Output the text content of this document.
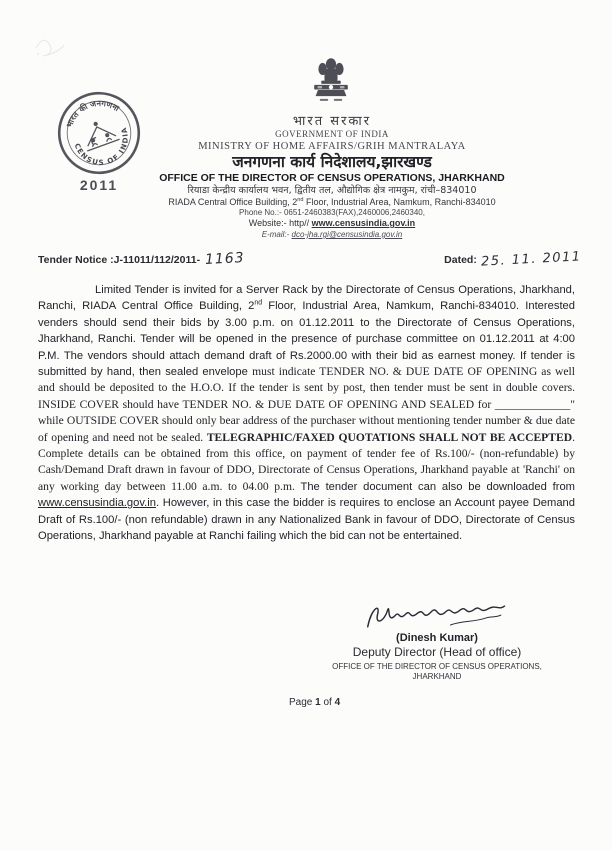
भारत की जनगणना
CENSUS OF INDIA
2011
भारत सरकार
GOVERNMENT OF INDIA
MINISTRY OF HOME AFFAIRS/GRIH MANTRALAYA
जनगणना कार्य निदेशालय,झारखण्ड
OFFICE OF THE DIRECTOR OF CENSUS OPERATIONS, JHARKHAND
रियाडा केन्द्रीय कार्यालय भवन, द्वितीय तल, औद्योगिक क्षेत्र नामकुम, रांची–834010
RIADA Central Office Building, 2nd Floor, Industrial Area, Namkum, Ranchi-834010
Phone No.:- 0651-2460383(FAX),2460006,2460340,
Website:- http// www.censusindia.gov.in
E-mail:- dco-jha.rgi@censusindia.gov.in
Tender Notice :J-11011/112/2011- 1163	Dated: 25. 11. 2011
Limited Tender is invited for a Server Rack by the Directorate of Census Operations, Jharkhand, Ranchi, RIADA Central Office Building, 2nd Floor, Industrial Area, Namkum, Ranchi-834010. Interested venders should send their bids by 3.00 p.m. on 01.12.2011 to the Directorate of Census Operations, Jharkhand, Ranchi. Tender will be opened in the presence of purchase committee on 01.12.2011 at 4:00 P.M. The vendors should attach demand draft of Rs.2000.00 with their bid as earnest money. If tender is submitted by hand, then sealed envelope must indicate TENDER NO. & DUE DATE OF OPENING as well and should be deposited to the H.O.O. If the tender is sent by post, then tender must be sent in double covers. INSIDE COVER should have TENDER NO. & DUE DATE OF OPENING AND SEALED for _____________" while OUTSIDE COVER should only bear address of the purchaser without mentioning tender number & due date of opening and need not be sealed. TELEGRAPHIC/FAXED QUOTATIONS SHALL NOT BE ACCEPTED. Complete details can be obtained from this office, on payment of tender fee of Rs.100/- (non-refundable) by Cash/Demand Draft drawn in favour of DDO, Directorate of Census Operations, Jharkhand payable at 'Ranchi' on any working day between 11.00 a.m. to 04.00 p.m. The tender document can also be downloaded from www.censusindia.gov.in. However, in this case the bidder is requires to enclose an Account payee Demand Draft of Rs.100/- (non refundable) drawn in any Nationalized Bank in favour of DDO, Directorate of Census Operations, Jharkhand payable at Ranchi failing which the bid can not be entertained.
(Dinesh Kumar)
Deputy Director (Head of office)
OFFICE OF THE DIRECTOR OF CENSUS OPERATIONS,
JHARKHAND
Page 1 of 4
